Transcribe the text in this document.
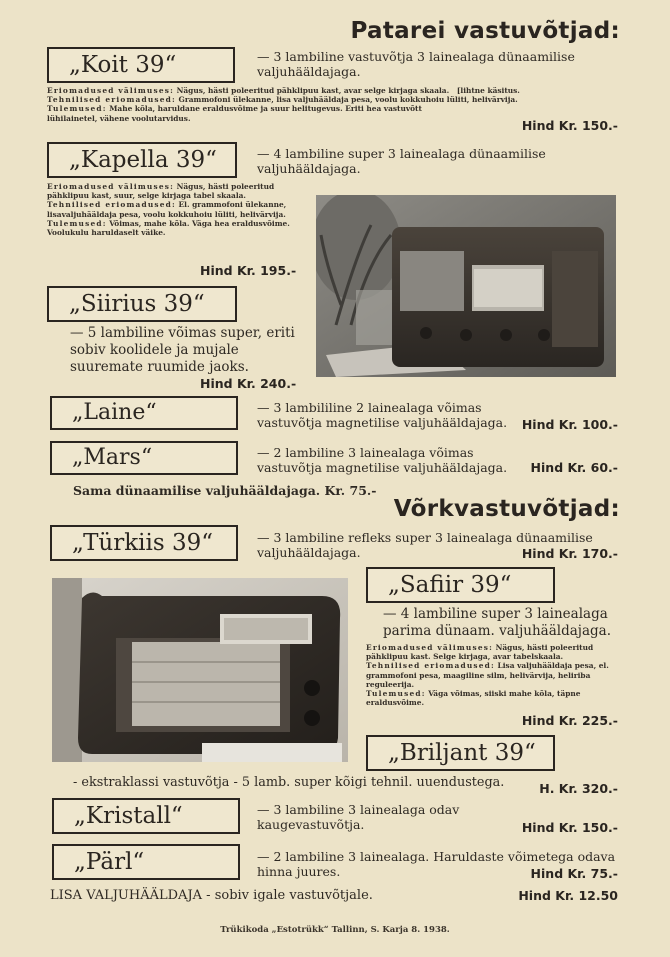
Patarei vastuvõtjad:
„Koit 39“	— 3 lambiline vastuvõtja 3 lainealaga dünaamilise valjuhääldajaga.
Eriomadused välimuses: Nägus, hästi poleeritud pähklipuu kast, avar selge kirjaga skaala. [lihtne käsitus.
Tehnilised eriomadused: Grammofoni ülekanne, lisa valjuhääldaja pesa, voolu kokkuhoiu lüliti, helivärvija.
Tulemused: Mahe kõla, haruldane eraldusvõime ja suur helitugevus. Eriti hea vastuvõtt lühilainetel, vähene voolutarvidus.	Hind Kr. 150.-
„Kapella 39“	— 4 lambiline super 3 lainealaga dünaamilise valjuhääldajaga.
Eriomadused välimuses: Nägus, hästi poleeritud pähklipuu kast, suur, selge kirjaga tabel skaala.
Tehnilised eriomadused: El. grammofoni ülekanne, lisavaljuhääldaja pesa, voolu kokkuhoiu lüliti, helivärvija.
Tulemused: Võimas, mahe kõla. Väga hea eraldusvõime. Voolukulu haruldaselt väike.
Hind Kr. 195.-
„Siirius 39“
— 5 lambiline võimas super, eriti sobiv koolidele ja mujale suuremate ruumide jaoks.
Hind Kr. 240.-
„Laine“	— 3 lambililine 2 lainealaga võimas vastuvõtja magnetilise valjuhääldajaga.	Hind Kr. 100.-
„Mars“	— 2 lambiline 3 lainealaga võimas vastuvõtja magnetilise valjuhääldajaga.	Hind Kr. 60.-
Sama dünaamilise valjuhääldajaga. Kr. 75.-
Võrkvastuvõtjad:
„Türkiis 39“	— 3 lambiline refleks super 3 lainealaga dünaamilise valjuhääldajaga.	Hind Kr. 170.-
„Safiir 39“
— 4 lambiline super 3 lainealaga parima dünaam. valjuhääldajaga.
Eriomadused välimuses: Nägus, hästi poleeritud pähklipuu kast. Selge kirjaga, avar tabelskaala.
Tehnilised eriomadused: Lisa valjuhääldaja pesa, el. grammofoni pesa, maagiline silm, helivärvija, heliriba reguleerija.
Tulemused: Väga võimas, siiski mahe kõla, täpne eraldusvõime.
Hind Kr. 225.-
„Briljant 39“
- ekstraklassi vastuvõtja - 5 lamb. super kõigi tehnil. uuendustega.	H. Kr. 320.-
„Kristall“	— 3 lambiline 3 lainealaga odav kaugevastuvõtja.	Hind Kr. 150.-
„Pärl“	— 2 lambiline 3 lainealaga. Haruldaste võimetega odava hinna juures.	Hind Kr. 75.-
LISA VALJUHÄÄLDAJA - sobiv igale vastuvõtjale.	Hind Kr. 12.50
Trükikoda „Estotrükk“ Tallinn, S. Karja 8. 1938.
